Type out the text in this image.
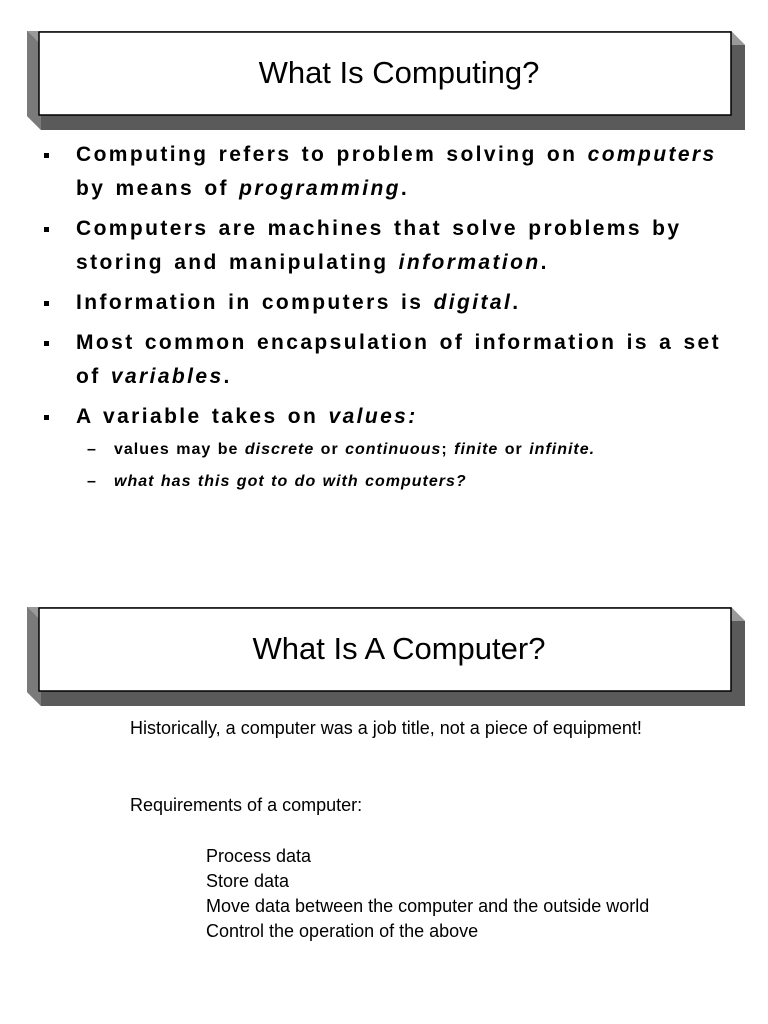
What Is Computing?
Computing refers to problem solving on computers by means of programming.
Computers are machines that solve problems by storing and manipulating information.
Information in computers is digital.
Most common encapsulation of information is a set of variables.
A variable takes on values:
– values may be discrete or continuous; finite or infinite.
– what has this got to do with computers?
What Is A Computer?
Historically, a computer was a job title, not a piece of equipment!
Requirements of a computer:
Process data
Store data
Move data between the computer and the outside world
Control the operation of the above
